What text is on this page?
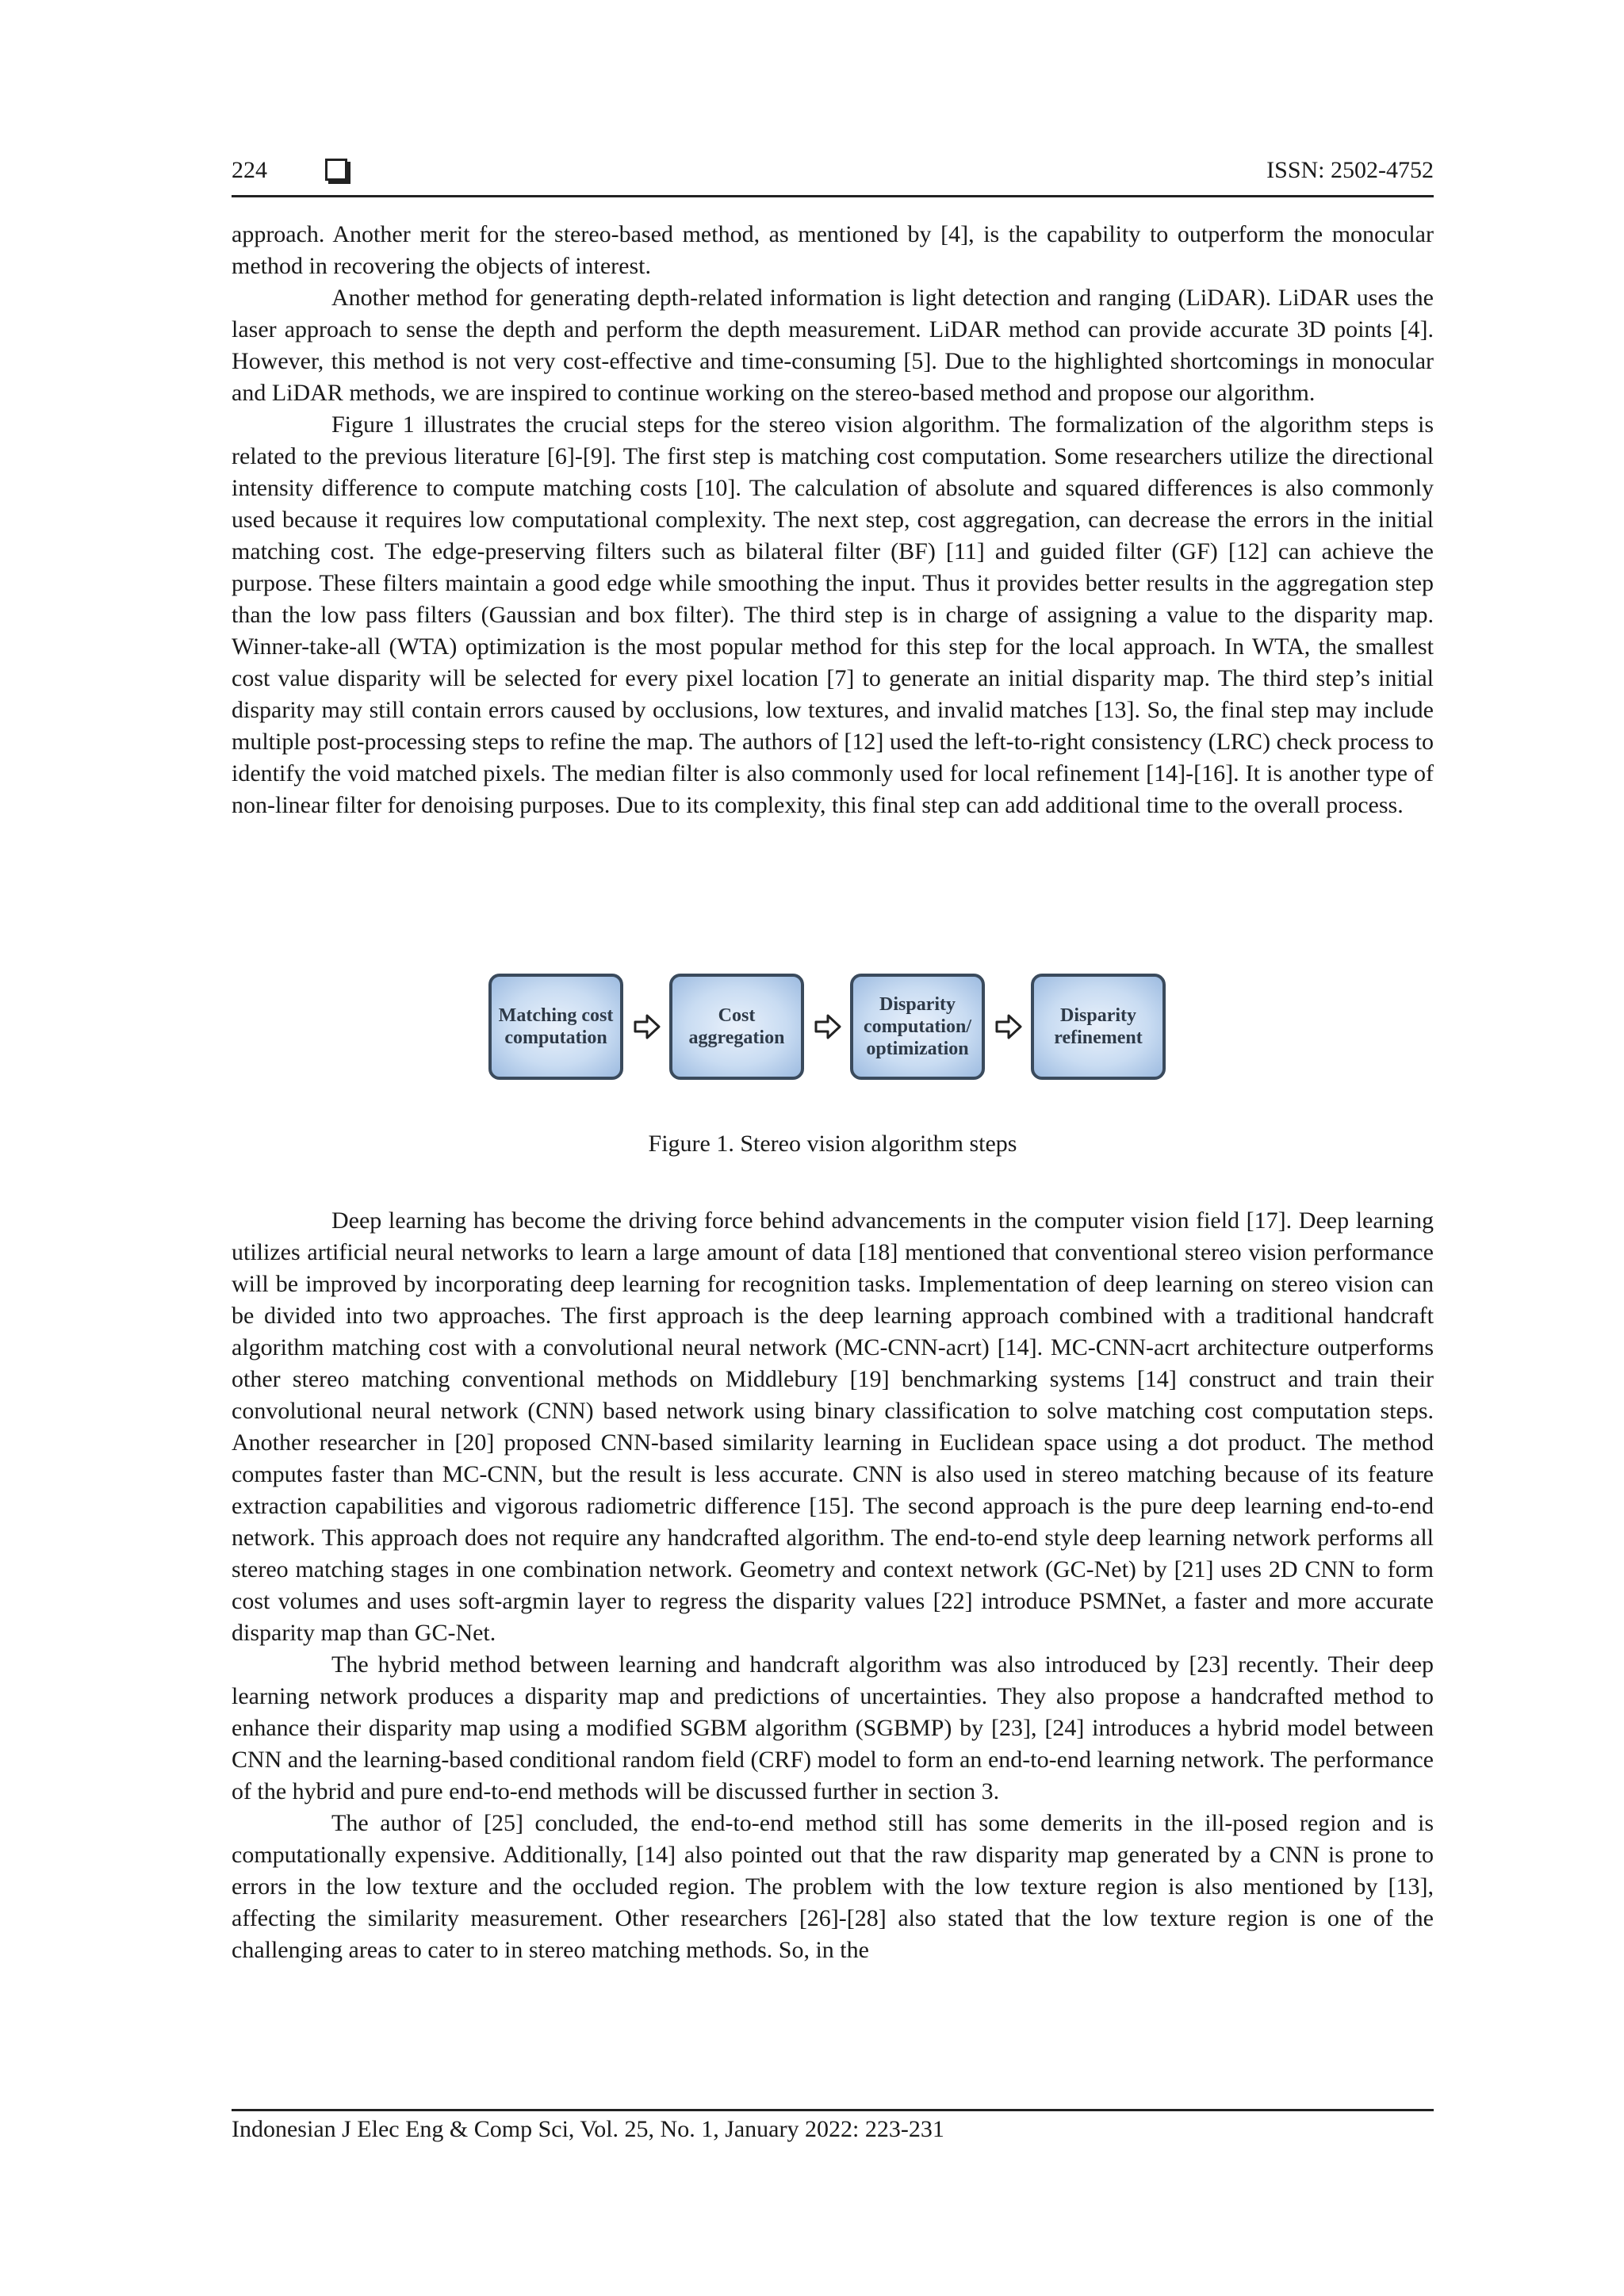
224	ISSN: 2502-4752

approach. Another merit for the stereo-based method, as mentioned by [4], is the capability to outperform the monocular method in recovering the objects of interest.

Another method for generating depth-related information is light detection and ranging (LiDAR). LiDAR uses the laser approach to sense the depth and perform the depth measurement. LiDAR method can provide accurate 3D points [4]. However, this method is not very cost-effective and time-consuming [5]. Due to the highlighted shortcomings in monocular and LiDAR methods, we are inspired to continue working on the stereo-based method and propose our algorithm.

Figure 1 illustrates the crucial steps for the stereo vision algorithm. The formalization of the algorithm steps is related to the previous literature [6]-[9]. The first step is matching cost computation. Some researchers utilize the directional intensity difference to compute matching costs [10]. The calculation of absolute and squared differences is also commonly used because it requires low computational complexity. The next step, cost aggregation, can decrease the errors in the initial matching cost. The edge-preserving filters such as bilateral filter (BF) [11] and guided filter (GF) [12] can achieve the purpose. These filters maintain a good edge while smoothing the input. Thus it provides better results in the aggregation step than the low pass filters (Gaussian and box filter). The third step is in charge of assigning a value to the disparity map. Winner-take-all (WTA) optimization is the most popular method for this step for the local approach. In WTA, the smallest cost value disparity will be selected for every pixel location [7] to generate an initial disparity map. The third step’s initial disparity may still contain errors caused by occlusions, low textures, and invalid matches [13]. So, the final step may include multiple post-processing steps to refine the map. The authors of [12] used the left-to-right consistency (LRC) check process to identify the void matched pixels. The median filter is also commonly used for local refinement [14]-[16]. It is another type of non-linear filter for denoising purposes. Due to its complexity, this final step can add additional time to the overall process.

Matching cost computation
Cost aggregation
Disparity computation/ optimization
Disparity refinement
Figure 1. Stereo vision algorithm steps

Deep learning has become the driving force behind advancements in the computer vision field [17]. Deep learning utilizes artificial neural networks to learn a large amount of data [18] mentioned that conventional stereo vision performance will be improved by incorporating deep learning for recognition tasks. Implementation of deep learning on stereo vision can be divided into two approaches. The first approach is the deep learning approach combined with a traditional handcraft algorithm matching cost with a convolutional neural network (MC-CNN-acrt) [14]. MC-CNN-acrt architecture outperforms other stereo matching conventional methods on Middlebury [19] benchmarking systems [14] construct and train their convolutional neural network (CNN) based network using binary classification to solve matching cost computation steps. Another researcher in [20] proposed CNN-based similarity learning in Euclidean space using a dot product. The method computes faster than MC-CNN, but the result is less accurate. CNN is also used in stereo matching because of its feature extraction capabilities and vigorous radiometric difference [15]. The second approach is the pure deep learning end-to-end network. This approach does not require any handcrafted algorithm. The end-to-end style deep learning network performs all stereo matching stages in one combination network. Geometry and context network (GC-Net) by [21] uses 2D CNN to form cost volumes and uses soft-argmin layer to regress the disparity values [22] introduce PSMNet, a faster and more accurate disparity map than GC-Net.

The hybrid method between learning and handcraft algorithm was also introduced by [23] recently. Their deep learning network produces a disparity map and predictions of uncertainties. They also propose a handcrafted method to enhance their disparity map using a modified SGBM algorithm (SGBMP) by [23], [24] introduces a hybrid model between CNN and the learning-based conditional random field (CRF) model to form an end-to-end learning network. The performance of the hybrid and pure end-to-end methods will be discussed further in section 3.

The author of [25] concluded, the end-to-end method still has some demerits in the ill-posed region and is computationally expensive. Additionally, [14] also pointed out that the raw disparity map generated by a CNN is prone to errors in the low texture and the occluded region. The problem with the low texture region is also mentioned by [13], affecting the similarity measurement. Other researchers [26]-[28] also stated that the low texture region is one of the challenging areas to cater to in stereo matching methods. So, in the

Indonesian J Elec Eng & Comp Sci, Vol. 25, No. 1, January 2022: 223-231
